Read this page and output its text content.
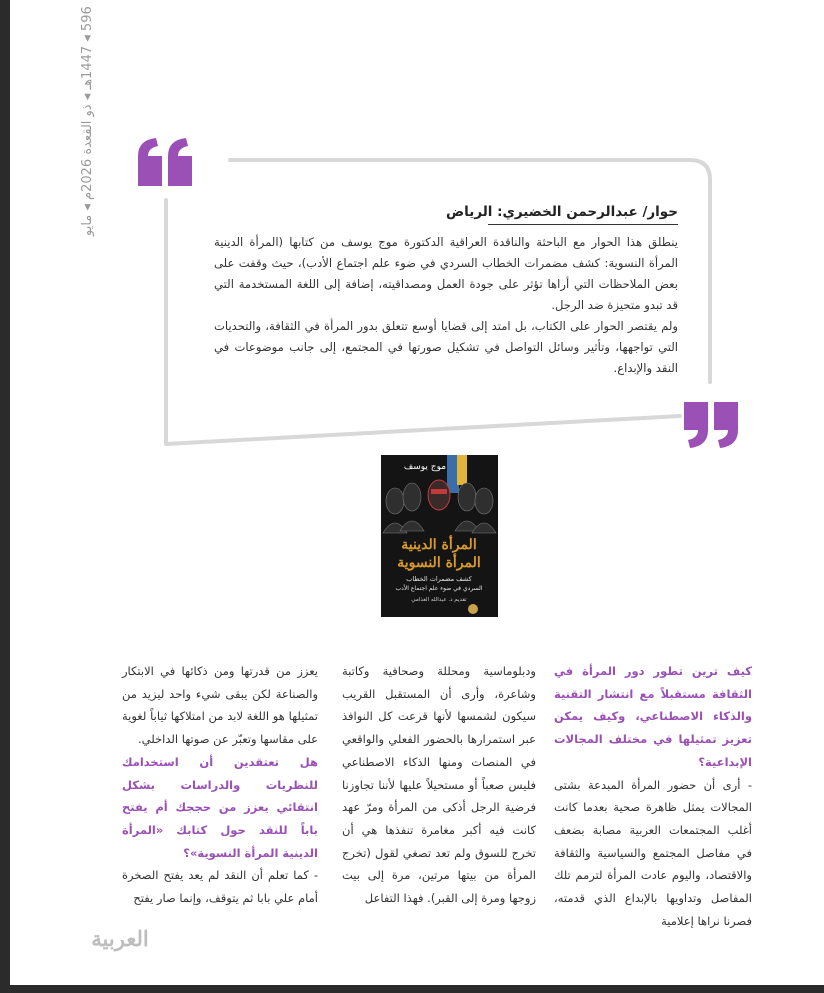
596 ◂ 1447هـ ◂ ذو القعدة 2026م ◂ مايو
حوار/ عبدالرحمن الخضيري: الرياض

ينطلق هذا الحوار مع الباحثة والناقدة العراقية الدكتورة موج يوسف من كتابها (المرأة الدينية المرأة النسوية: كشف مضمرات الخطاب السردي في ضوء علم اجتماع الأدب)، حيث وقفت على بعض الملاحظات التي أراها تؤثر على جودة العمل ومصداقيته، إضافة إلى اللغة المستخدمة التي قد تبدو متحيزة ضد الرجل.

ولم يقتصر الحوار على الكتاب، بل امتد إلى قضايا أوسع تتعلق بدور المرأة في الثقافة، والتحديات التي تواجهها، وتأثير وسائل التواصل في تشكيل صورتها في المجتمع، إلى جانب موضوعات في النقد والإبداع.

موج يوسف
المرأة الدينية
المرأة النسوية
كشف مضمرات الخطاب
السردي في ضوء علم اجتماع الأدب
تقديم د. عبدالله الغذامي

كيف ترين تطور دور المرأة في الثقافة مستقبلاً مع انتشار التقنية والذكاء الاصطناعي، وكيف يمكن تعزيز تمثيلها في مختلف المجالات الإبداعية؟

- أرى أن حضور المرأة المبدعة بشتى المجالات يمثل ظاهرة صحية بعدما كانت أغلب المجتمعات العربية مصابة بضعف في مفاصل المجتمع والسياسية والثقافة والاقتصاد، واليوم عادت المرأة لترمم تلك المفاصل وتداويها بالإبداع الذي قدمته، فصرنا نراها إعلامية

ودبلوماسية ومحللة وصحافية وكاتبة وشاعرة، وأرى أن المستقبل القريب سيكون لشمسها لأنها قرعت كل النوافذ عبر استمرارها بالحضور الفعلي والواقعي في المنصات ومنها الذكاء الاصطناعي فليس صعباً أو مستحيلاً عليها لأننا تجاوزنا فرضية الرجل أذكى من المرأة ومرّ عهد كانت فيه أكبر مغامرة تنفذها هي أن تخرج للسوق ولم تعد تصغي لقول (تخرج المرأة من بيتها مرتين، مرة إلى بيت زوجها ومرة إلى القبر). فهذا التفاعل

يعزز من قدرتها ومن ذكائها في الابتكار والصناعة لكن يبقى شيء واحد ليزيد من تمثيلها هو اللغة لابد من امتلاكها ثياباً لغوية على مقاسها وتعبّر عن صوتها الداخلي.

هل تعتقدين أن استخدامك للنظريات والدراسات بشكل انتقائي يعزز من حججك أم يفتح باباً للنقد حول كتابك «المرأة الدينية المرأة النسوية»؟

- كما تعلم أن النقد لم يعد يفتح الصخرة أمام علي بابا ثم يتوقف، وإنما صار يفتح

العربية
